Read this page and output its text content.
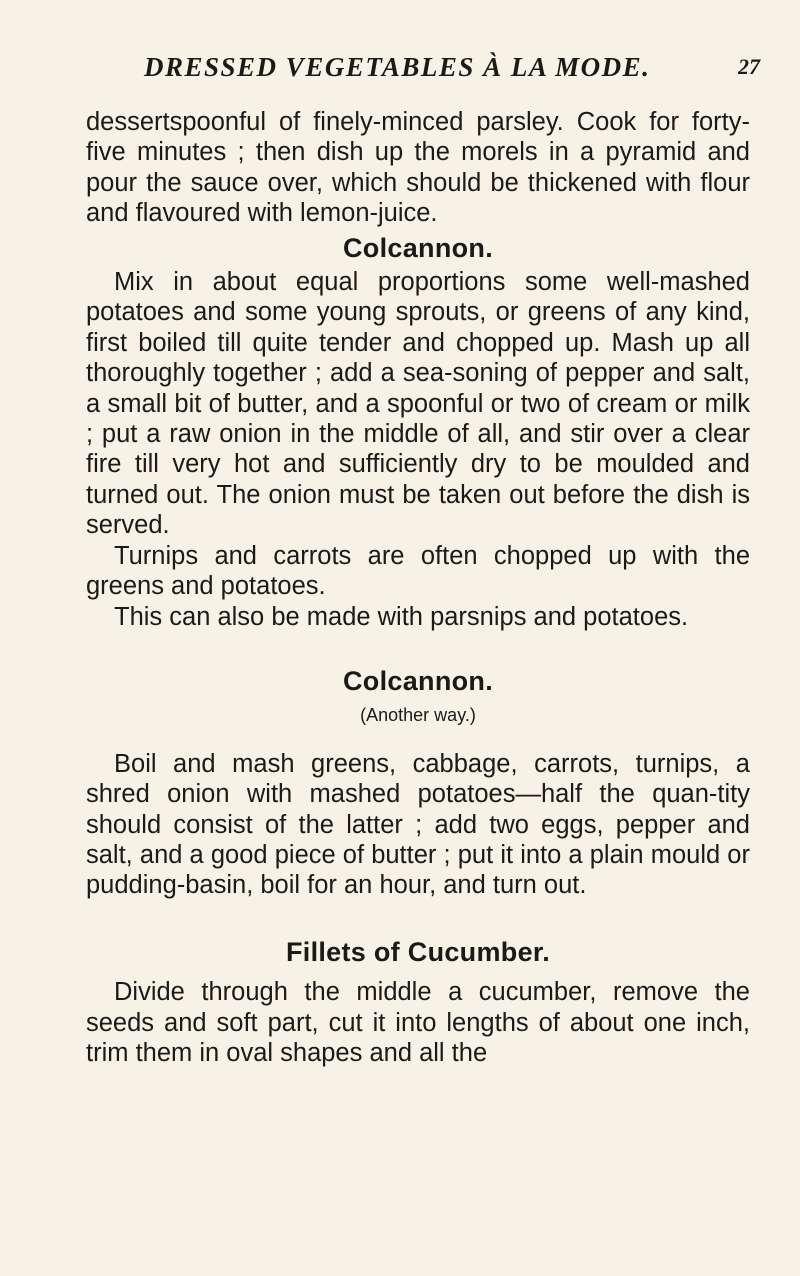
DRESSED VEGETABLES À LA MODE.	27

dessertspoonful of finely-minced parsley. Cook for forty-five minutes ; then dish up the morels in a pyramid and pour the sauce over, which should be thickened with flour and flavoured with lemon-juice.

Colcannon.

Mix in about equal proportions some well-mashed potatoes and some young sprouts, or greens of any kind, first boiled till quite tender and chopped up. Mash up all thoroughly together ; add a sea-soning of pepper and salt, a small bit of butter, and a spoonful or two of cream or milk ; put a raw onion in the middle of all, and stir over a clear fire till very hot and sufficiently dry to be moulded and turned out. The onion must be taken out before the dish is served.

Turnips and carrots are often chopped up with the greens and potatoes.

This can also be made with parsnips and potatoes.

Colcannon.
(Another way.)

Boil and mash greens, cabbage, carrots, turnips, a shred onion with mashed potatoes—half the quan-tity should consist of the latter ; add two eggs, pepper and salt, and a good piece of butter ; put it into a plain mould or pudding-basin, boil for an hour, and turn out.

Fillets of Cucumber.

Divide through the middle a cucumber, remove the seeds and soft part, cut it into lengths of about one inch, trim them in oval shapes and all the
